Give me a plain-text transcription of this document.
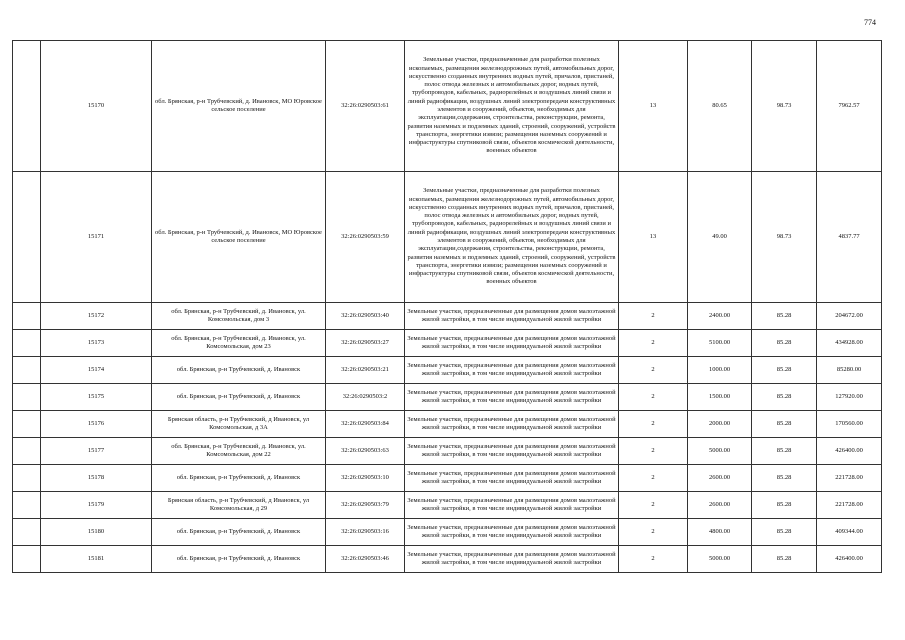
774
	15170	обл. Брянская, р-н Трубчевский, д. Ивановск, МО Юровское сельское поселение	32:26:0290503:61	Земельные участки, предназначенные для разработки полезных ископаемых, размещения железнодорожных путей, автомобильных дорог, искусственно созданных внутренних водных путей, причалов, пристаней, полос отвода железных и автомобильных дорог, водных путей, трубопроводов, кабельных, радиорелейных и воздушных линий связи и линий радиофикации, воздушных линий электропередачи конструктивных элементов и сооружений, объектов, необходимых для эксплуатации,содержания, строительства, реконструкции, ремонта, развития наземных и подземных зданий, строений, сооружений, устройств транспорта, энергетики иэвязи; размещения наземных сооружений и инфраструктуры спутниковой связи, объектов космической деятельности, военных объектов	13	80.65	98.73	7962.57
	15171	обл. Брянская, р-н Трубчевский, д. Ивановск, МО Юровское сельское поселение	32:26:0290503:59	Земельные участки, предназначенные для разработки полезных ископаемых, размещения железнодорожных путей, автомобильных дорог, искусственно созданных внутренних водных путей, причалов, пристаней, полос отвода железных и автомобильных дорог, водных путей, трубопроводов, кабельных, радиорелейных и воздушных линий связи и линий радиофикации, воздушных линий электропередачи конструктивных элементов и сооружений, объектов, необходимых для эксплуатации,содержания, строительства, реконструкции, ремонта, развития наземных и подземных зданий, строений, сооружений, устройств транспорта, энергетики иэвязи; размещения наземных сооружений и инфраструктуры спутниковой связи, объектов космической деятельности, военных объектов	13	49.00	98.73	4837.77
	15172	обл. Брянская, р-н Трубчевский, д. Ивановск, ул. Комсомольская, дом 3	32:26:0290503:40	Земельные участки, предназначенные для размещения домов малоэтажной жилой застройки, в том числе индивидуальной жилой застройки	2	2400.00	85.28	204672.00
	15173	обл. Брянская, р-н Трубчевский, д. Ивановск, ул. Комсомольская, дом 23	32:26:0290503:27	Земельные участки, предназначенные для размещения домов малоэтажной жилой застройки, в том числе индивидуальной жилой застройки	2	5100.00	85.28	434928.00
	15174	обл. Брянская, р-н Трубчевский, д. Ивановск	32:26:0290503:21	Земельные участки, предназначенные для размещения домов малоэтажной жилой застройки, в том числе индивидуальной жилой застройки	2	1000.00	85.28	85280.00
	15175	обл. Брянская, р-н Трубчевский, д. Ивановск	32:26:0290503:2	Земельные участки, предназначенные для размещения домов малоэтажной жилой застройки, в том числе индивидуальной жилой застройки	2	1500.00	85.28	127920.00
	15176	Брянская область, р-н Трубчевский, д Ивановск, ул Комсомольская, д 3А	32:26:0290503:84	Земельные участки, предназначенные для размещения домов малоэтажной жилой застройки, в том числе индивидуальной жилой застройки	2	2000.00	85.28	170560.00
	15177	обл. Брянская, р-н Трубчевский, д. Ивановск, ул. Комсомольская, дом 22	32:26:0290503:63	Земельные участки, предназначенные для размещения домов малоэтажной жилой застройки, в том числе индивидуальной жилой застройки	2	5000.00	85.28	426400.00
	15178	обл. Брянская, р-н Трубчевский, д. Ивановск	32:26:0290503:10	Земельные участки, предназначенные для размещения домов малоэтажной жилой застройки, в том числе индивидуальной жилой застройки	2	2600.00	85.28	221728.00
	15179	Брянская область, р-н Трубчевский, д Ивановск, ул Комсомольская, д 29	32:26:0290503:79	Земельные участки, предназначенные для размещения домов малоэтажной жилой застройки, в том числе индивидуальной жилой застройки	2	2600.00	85.28	221728.00
	15180	обл. Брянская, р-н Трубчевский, д. Ивановск	32:26:0290503:16	Земельные участки, предназначенные для размещения домов малоэтажной жилой застройки, в том числе индивидуальной жилой застройки	2	4800.00	85.28	409344.00
	15181	обл. Брянская, р-н Трубчевский, д. Ивановск	32:26:0290503:46	Земельные участки, предназначенные для размещения домов малоэтажной жилой застройки, в том числе индивидуальной жилой застройки	2	5000.00	85.28	426400.00
